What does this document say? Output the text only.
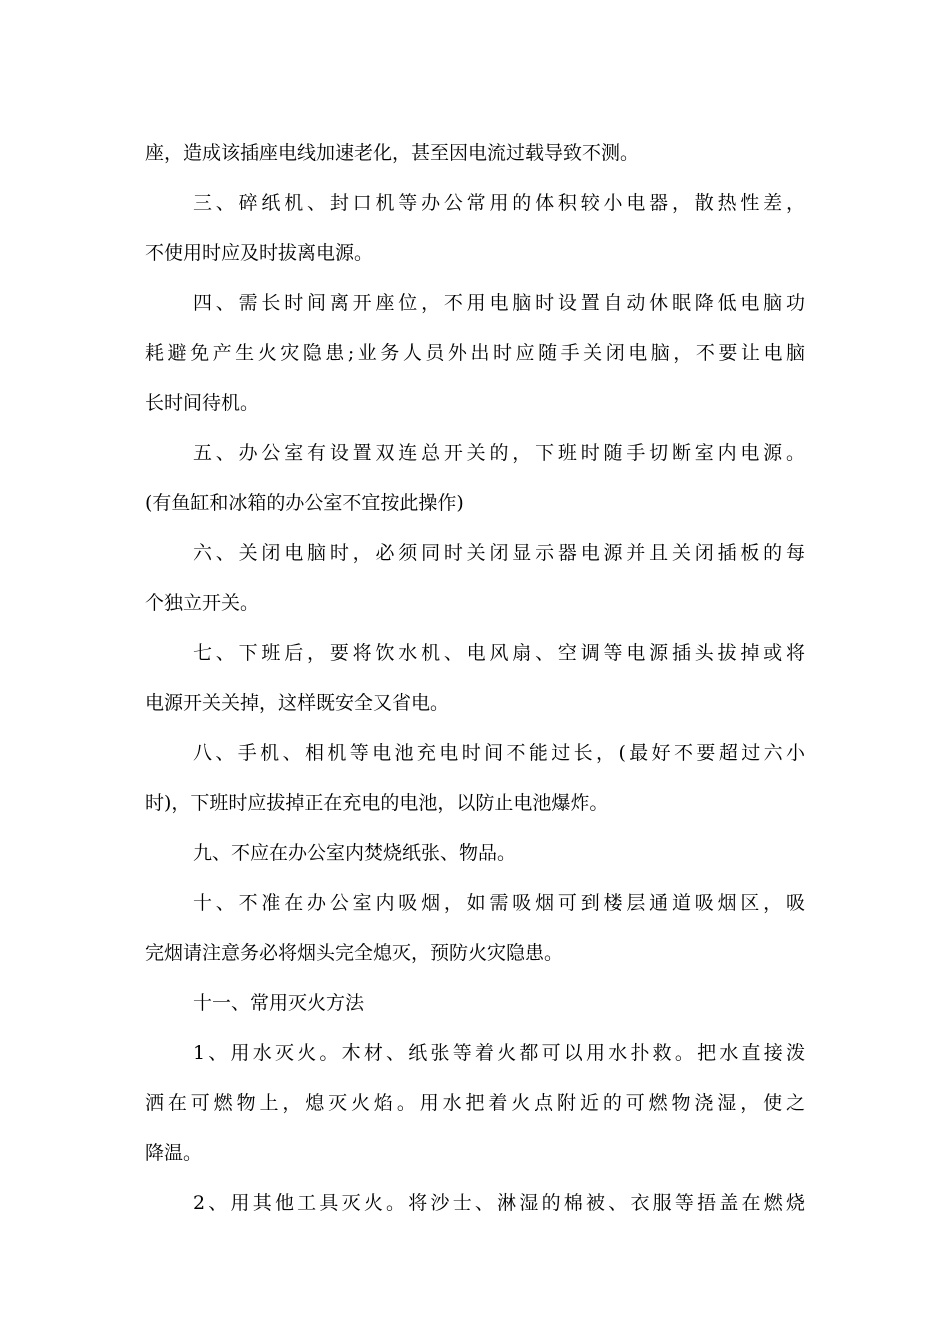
座，造成该插座电线加速老化，甚至因电流过载导致不测。
三、碎纸机、封口机等办公常用的体积较小电器，散热性差，
不使用时应及时拔离电源。
四、需长时间离开座位，不用电脑时设置自动休眠降低电脑功
耗避免产生火灾隐患;业务人员外出时应随手关闭电脑，不要让电脑
长时间待机。
五、办公室有设置双连总开关的，下班时随手切断室内电源。
(有鱼缸和冰箱的办公室不宜按此操作)
六、关闭电脑时，必须同时关闭显示器电源并且关闭插板的每
个独立开关。
七、下班后，要将饮水机、电风扇、空调等电源插头拔掉或将
电源开关关掉，这样既安全又省电。
八、手机、相机等电池充电时间不能过长，(最好不要超过六小
时)，下班时应拔掉正在充电的电池，以防止电池爆炸。
九、不应在办公室内焚烧纸张、物品。
十、不准在办公室内吸烟，如需吸烟可到楼层通道吸烟区，吸
完烟请注意务必将烟头完全熄灭，预防火灾隐患。
十一、常用灭火方法
1、用水灭火。木材、纸张等着火都可以用水扑救。把水直接泼
洒在可燃物上，熄灭火焰。用水把着火点附近的可燃物浇湿，使之
降温。
2、用其他工具灭火。将沙士、淋湿的棉被、衣服等捂盖在燃烧
